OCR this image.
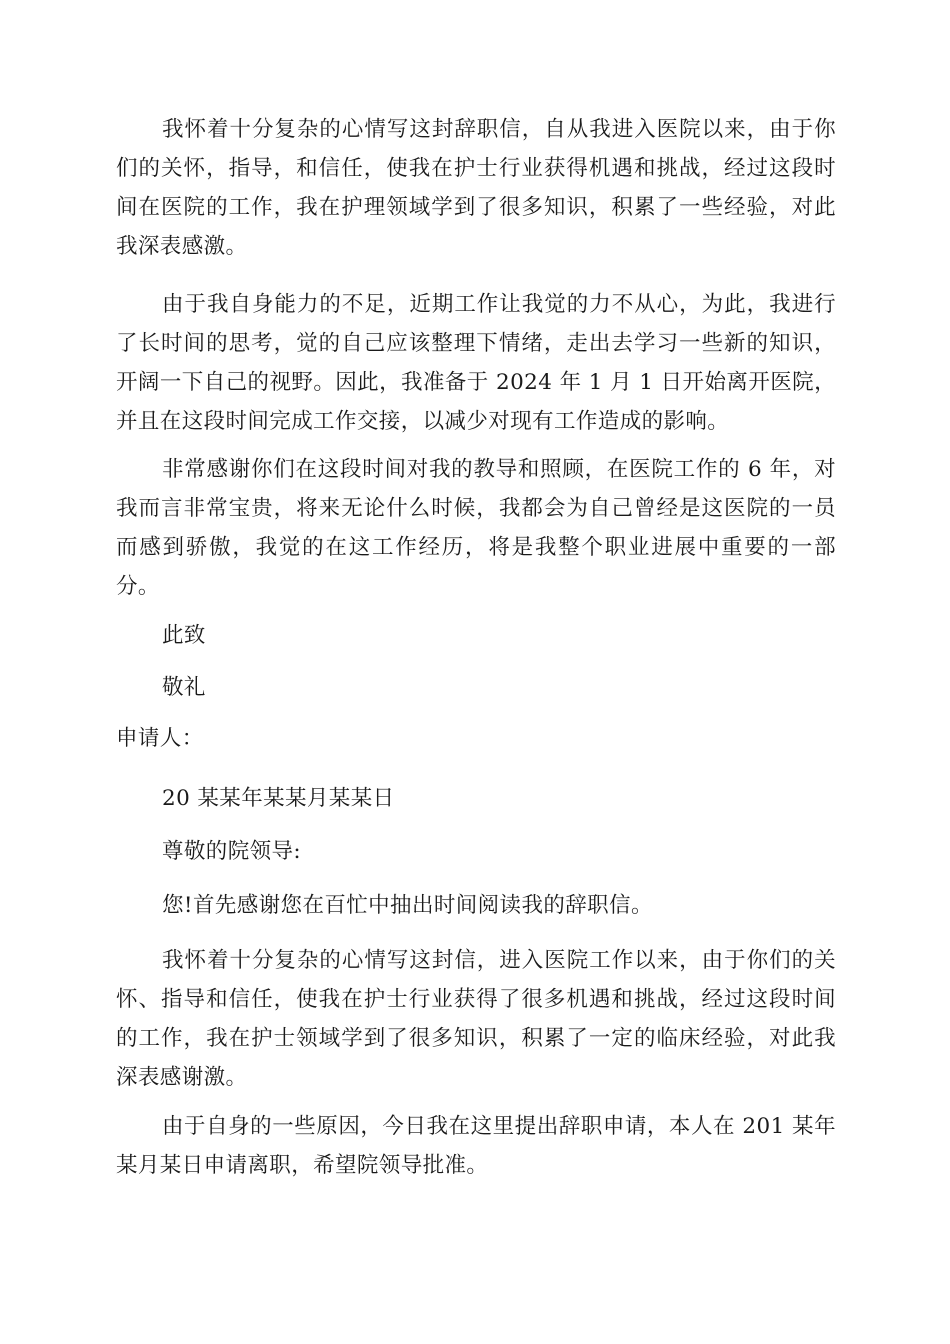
我怀着十分复杂的心情写这封辞职信，自从我进入医院以来，由于你们的关怀，指导，和信任，使我在护士行业获得机遇和挑战，经过这段时间在医院的工作，我在护理领域学到了很多知识，积累了一些经验，对此我深表感激。

由于我自身能力的不足，近期工作让我觉的力不从心，为此，我进行了长时间的思考，觉的自己应该整理下情绪，走出去学习一些新的知识，开阔一下自己的视野。因此，我准备于 2024 年 1 月 1 日开始离开医院，并且在这段时间完成工作交接，以减少对现有工作造成的影响。

非常感谢你们在这段时间对我的教导和照顾，在医院工作的 6 年，对我而言非常宝贵，将来无论什么时候，我都会为自己曾经是这医院的一员而感到骄傲，我觉的在这工作经历，将是我整个职业进展中重要的一部分。

此致

敬礼

申请人：

20 某某年某某月某某日

尊敬的院领导:

您!首先感谢您在百忙中抽出时间阅读我的辞职信。

我怀着十分复杂的心情写这封信，进入医院工作以来，由于你们的关怀、指导和信任，使我在护士行业获得了很多机遇和挑战，经过这段时间的工作，我在护士领域学到了很多知识，积累了一定的临床经验，对此我深表感谢激。

由于自身的一些原因，今日我在这里提出辞职申请，本人在 201 某年某月某日申请离职，希望院领导批准。
